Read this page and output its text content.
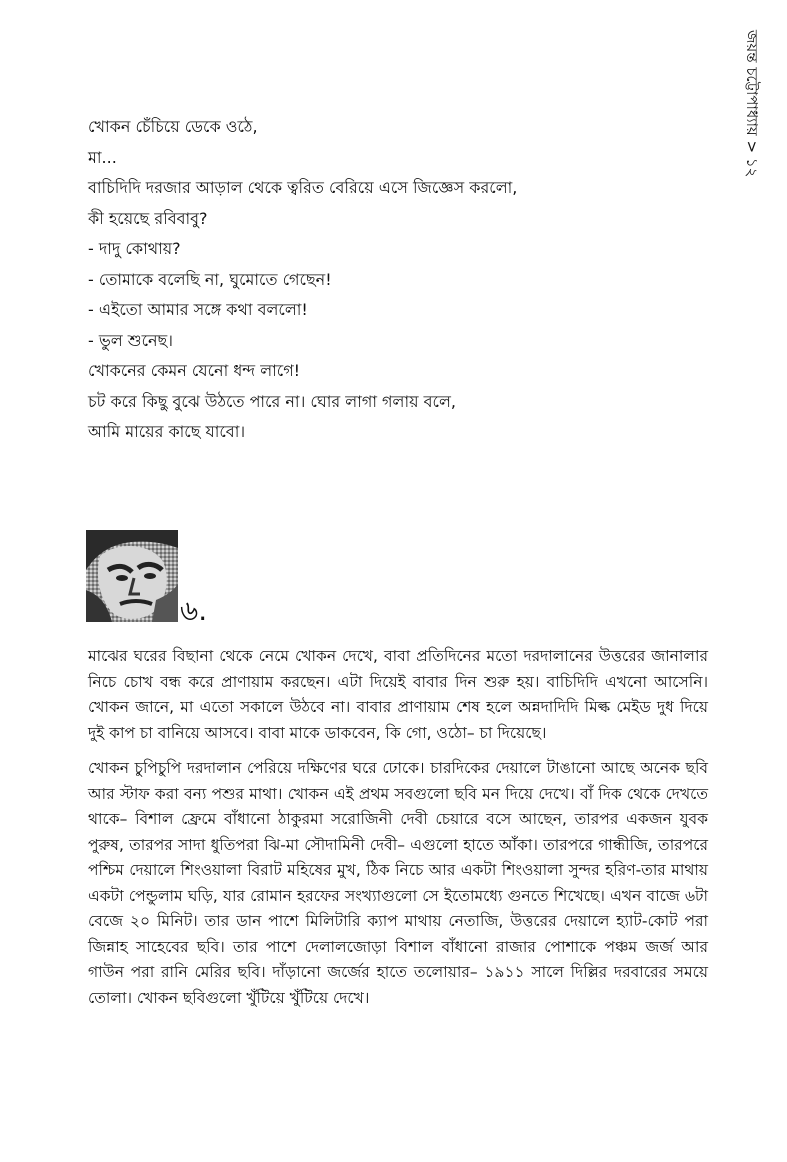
জয়ন্ত চট্টোপাধ্যায় > ১২
খোকন চেঁচিয়ে ডেকে ওঠে,
মা...
বাচিদিদি দরজার আড়াল থেকে ত্বরিত বেরিয়ে এসে জিজ্ঞেস করলো,
কী হয়েছে রবিবাবু?
- দাদু কোথায়?
- তোমাকে বলেছি না, ঘুমোতে গেছেন!
- এইতো আমার সঙ্গে কথা বললো!
- ভুল শুনেছ।
খোকনের কেমন যেনো ধন্দ লাগে!
চট করে কিছু বুঝে উঠতে পারে না। ঘোর লাগা গলায় বলে,
আমি মায়ের কাছে যাবো।
৬.

মাঝের ঘরের বিছানা থেকে নেমে খোকন দেখে, বাবা প্রতিদিনের মতো দরদালানের উত্তরের জানালার নিচে চোখ বন্ধ করে প্রাণায়াম করছেন। এটা দিয়েই বাবার দিন শুরু হয়। বাচিদিদি এখনো আসেনি। খোকন জানে, মা এতো সকালে উঠবে না। বাবার প্রাণায়াম শেষ হলে অন্নদাদিদি মিল্ক মেইড দুধ দিয়ে দুই কাপ চা বানিয়ে আসবে। বাবা মাকে ডাকবেন, কি গো, ওঠো– চা দিয়েছে।

খোকন চুপিচুপি দরদালান পেরিয়ে দক্ষিণের ঘরে ঢোকে। চারদিকের দেয়ালে টাঙানো আছে অনেক ছবি আর স্টাফ করা বন্য পশুর মাথা। খোকন এই প্রথম সবগুলো ছবি মন দিয়ে দেখে। বাঁ দিক থেকে দেখতে থাকে– বিশাল ফ্রেমে বাঁধানো ঠাকুরমা সরোজিনী দেবী চেয়ারে বসে আছেন, তারপর একজন যুবক পুরুষ, তারপর সাদা ধুতিপরা ঝি-মা সৌদামিনী দেবী– এগুলো হাতে আঁকা। তারপরে গান্ধীজি, তারপরে পশ্চিম দেয়ালে শিংওয়ালা বিরাট মহিষের মুখ, ঠিক নিচে আর একটা শিংওয়ালা সুন্দর হরিণ-তার মাথায় একটা পেন্ডুলাম ঘড়ি, যার রোমান হরফের সংখ্যাগুলো সে ইতোমধ্যে গুনতে শিখেছে। এখন বাজে ৬টা বেজে ২০ মিনিট। তার ডান পাশে মিলিটারি ক্যাপ মাথায় নেতাজি, উত্তরের দেয়ালে হ্যাট-কোট পরা জিন্নাহ সাহেবের ছবি। তার পাশে দেলালজোড়া বিশাল বাঁধানো রাজার পোশাকে পঞ্চম জর্জ আর গাউন পরা রানি মেরির ছবি। দাঁড়ানো জর্জের হাতে তলোয়ার– ১৯১১ সালে দিল্লির দরবারের সময়ে তোলা। খোকন ছবিগুলো খুঁটিয়ে খুঁটিয়ে দেখে।
